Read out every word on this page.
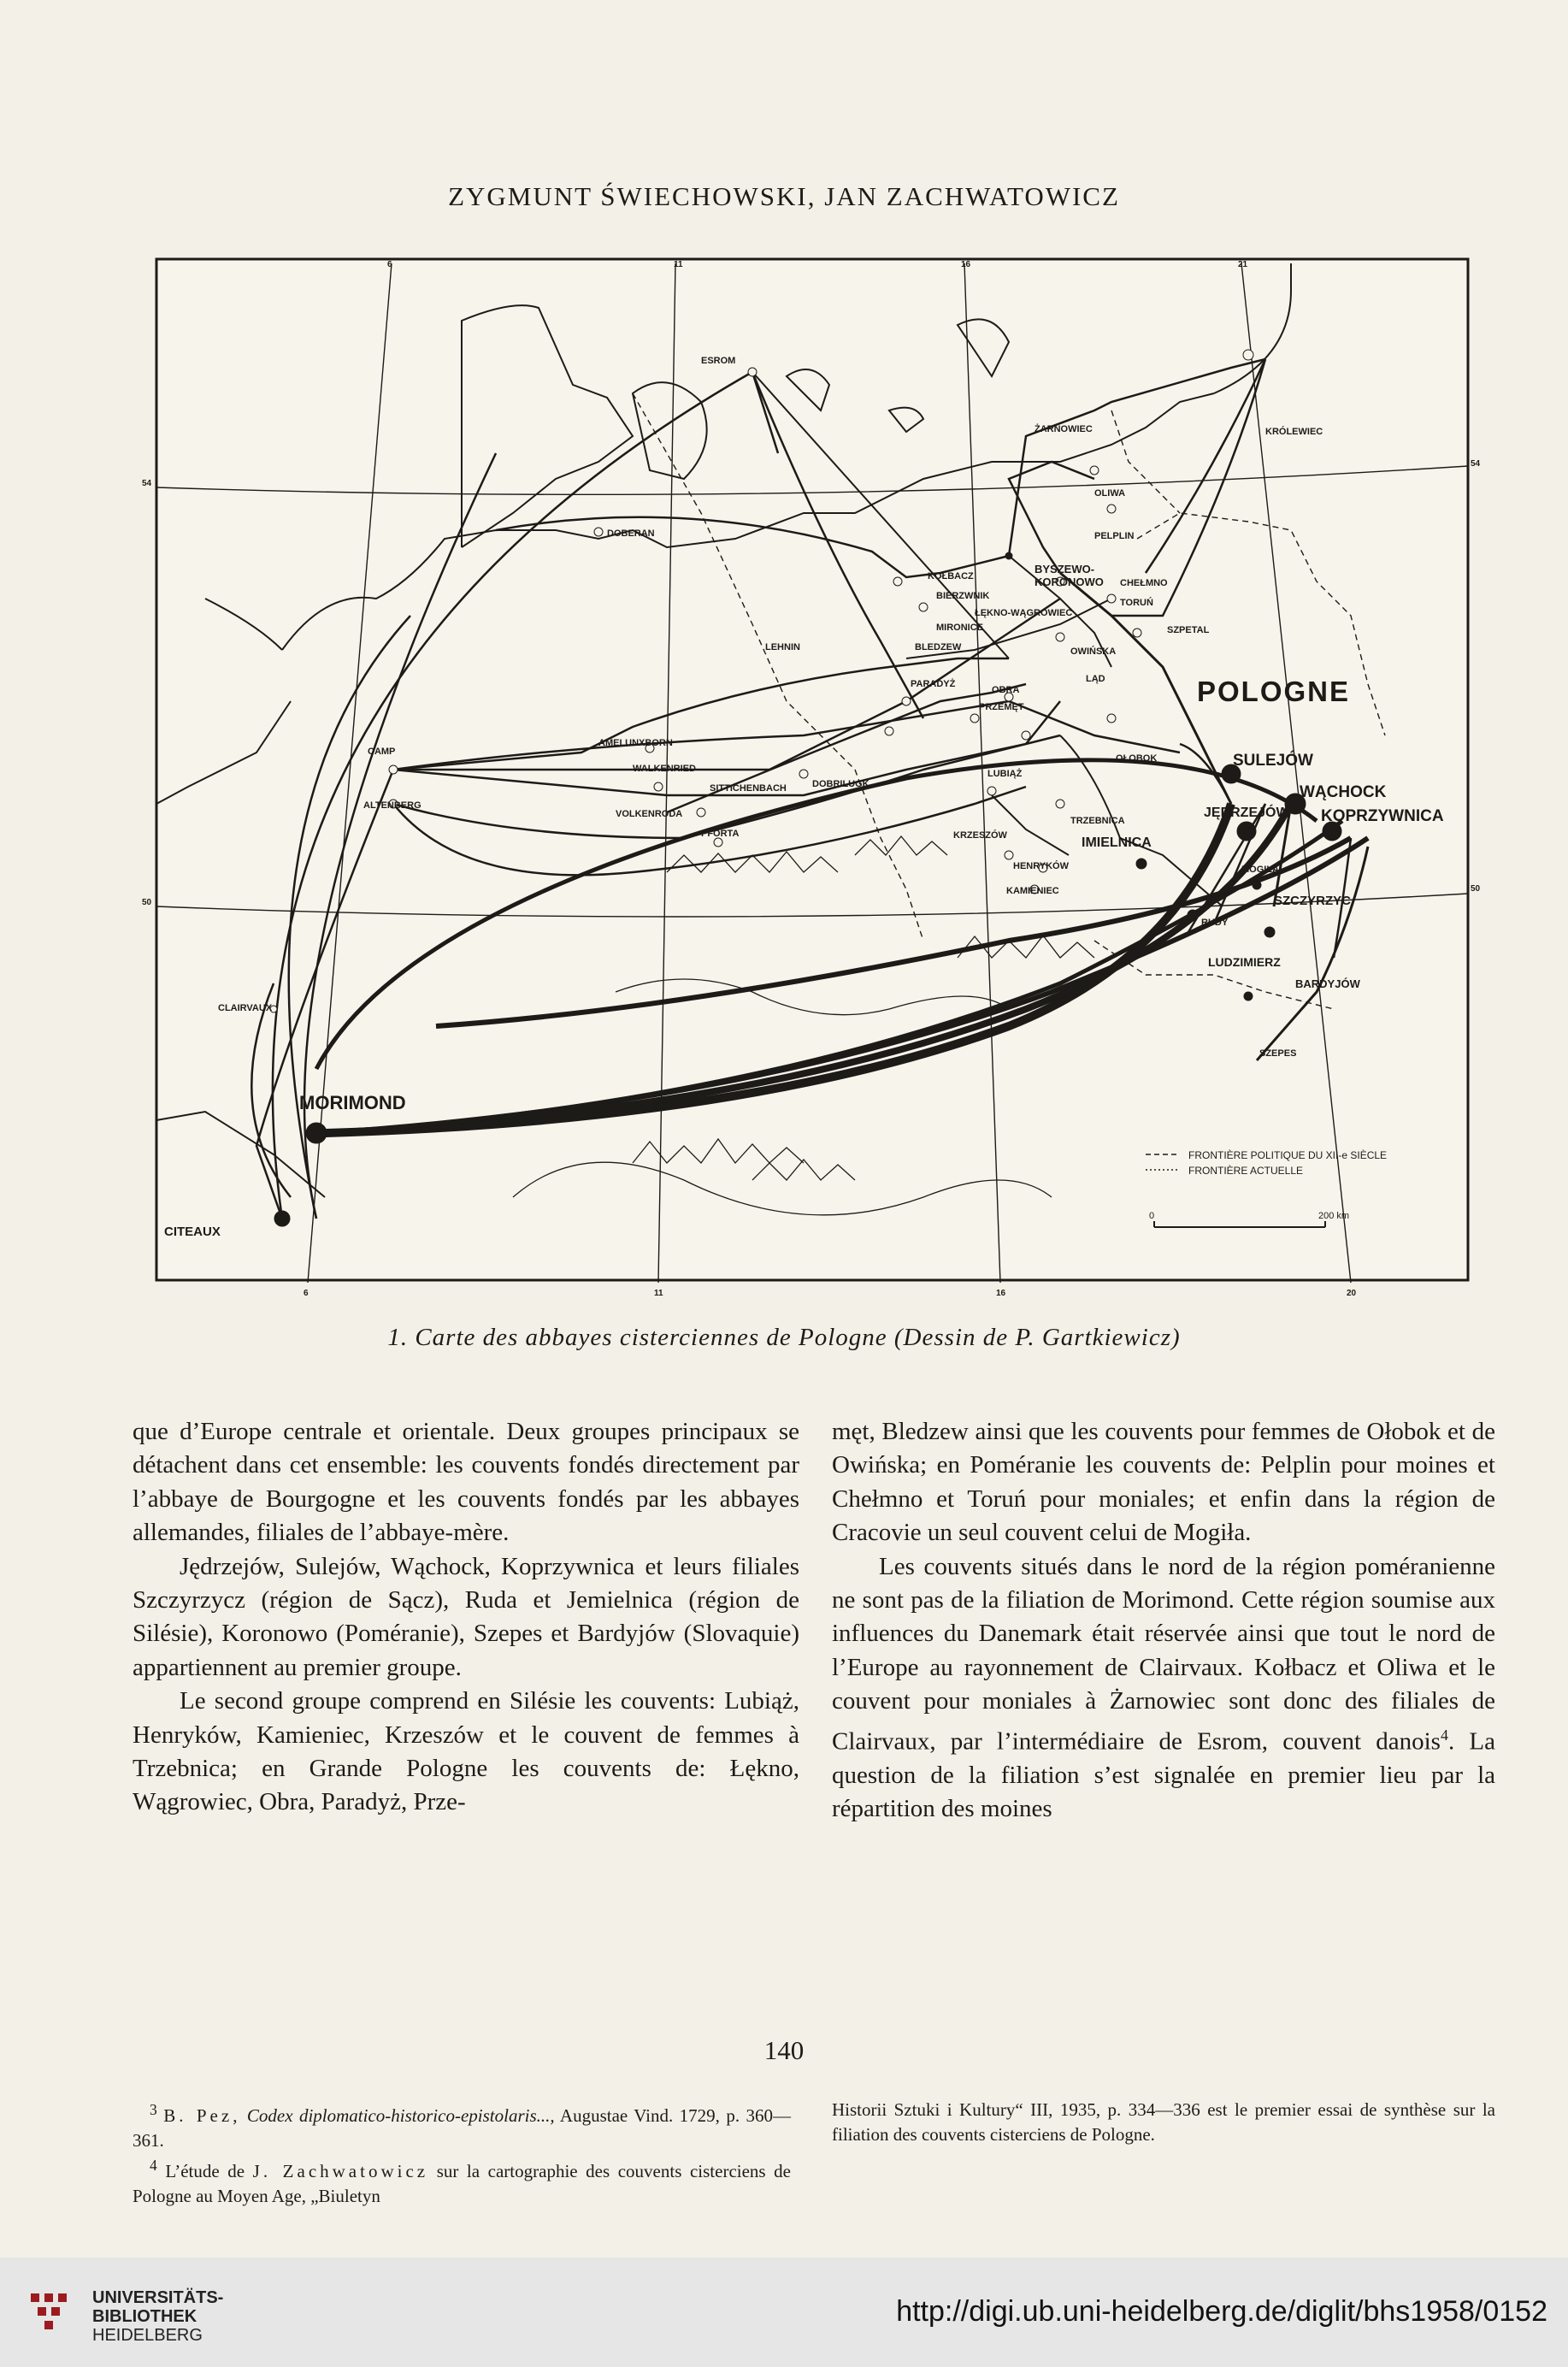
ZYGMUNT ŚWIECHOWSKI, JAN ZACHWATOWICZ
ESROM
ŻARNOWIEC	KRÓLEWIEC
OLIWA
PELPLIN
DOBERAN
KOŁBACZ
BYSZEWO-
KORONOWO CHEŁMNO
TORUŃ
BIERZWNIK
ŁĘKNO-WĄGROWIEC
SZPETAL
MIRONICE
BLEDZEW	OWIŃSKA
LEHNIN
LĄD
PARADYŻ
OBRA
PRZEMĘT	POLOGNE
AMELUNXBORN
CAMP
WALKENRIED
SITTICHENBACH	DOBRILUGK
LUBIĄŻ
OŁOBOK	SULEJÓW
ALTENBERG
VOLKENRODA
PFORTA
TRZEBNICA
WĄCHOCK
JĘDRZEJÓW KOPRZYWNICA
KRZESZÓW	IMIELNICA
HENRYKÓW
KAMIENIEC
MOGIŁA
SZCZYRZYC
RUDY
LUDZIMIERZ
BARDYJÓW
SZEPES
CLAIRVAUX
MORIMOND
CITEAUX
6	11	16	21
6	11	16	20
54
54
50
50
FRONTIÈRE POLITIQUE DU XII-e SIÈCLE
FRONTIÈRE ACTUELLE
0	200 km
1. Carte des abbayes cisterciennes de Pologne (Dessin de P. Gartkiewicz)

que d’Europe centrale et orientale. Deux groupes principaux se détachent dans cet ensemble: les couvents fondés directement par l’abbaye de Bourgogne et les couvents fondés par les abbayes allemandes, filiales de l’abbaye-mère.

Jędrzejów, Sulejów, Wąchock, Koprzywnica et leurs filiales Szczyrzycz (région de Sącz), Ruda et Jemielnica (région de Silésie), Koronowo (Poméranie), Szepes et Bardyjów (Slovaquie) appartiennent au premier groupe.

Le second groupe comprend en Silésie les couvents: Lubiąż, Henryków, Kamieniec, Krzeszów et le couvent de femmes à Trzebnica; en Grande Pologne les couvents de: Łękno, Wągrowiec, Obra, Paradyż, Prze-

męt, Bledzew ainsi que les couvents pour femmes de Ołobok et de Owińska; en Poméranie les couvents de: Pelplin pour moines et Chełmno et Toruń pour moniales; et enfin dans la région de Cracovie un seul couvent celui de Mogiła.

Les couvents situés dans le nord de la région poméranienne ne sont pas de la filiation de Morimond. Cette région soumise aux influences du Danemark était réservée ainsi que tout le nord de l’Europe au rayonnement de Clairvaux. Kołbacz et Oliwa et le couvent pour moniales à Żarnowiec sont donc des filiales de Clairvaux, par l’intermédiaire de Esrom, couvent danois$^4$. La question de la filiation s’est signalée en premier lieu par la répartition des moines

140

$^3$ B. Pez, Codex diplomatico-historico-epistolaris..., Augustae Vind. 1729, p. 360—361.

$^4$ L’étude de J. Zachwatowicz sur la cartographie des couvents cisterciens de Pologne au Moyen Age, „Biuletyn

Historii Sztuki i Kultury“ III, 1935, p. 334—336 est le premier essai de synthèse sur la filiation des couvents cisterciens de Pologne.

UNIVERSITÄTS-
BIBLIOTHEK
HEIDELBERG
http://digi.ub.uni-heidelberg.de/diglit/bhs1958/0152
